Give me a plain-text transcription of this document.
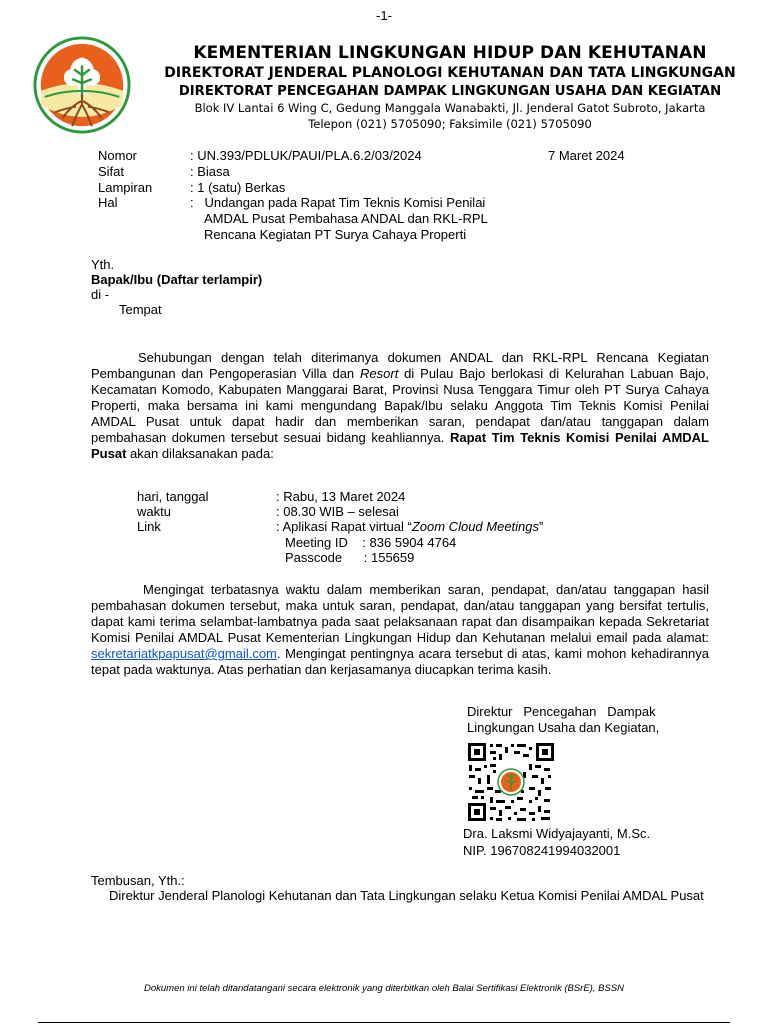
-1-
KEMENTERIAN LINGKUNGAN HIDUP DAN KEHUTANAN
DIREKTORAT JENDERAL PLANOLOGI KEHUTANAN DAN TATA LINGKUNGAN
DIREKTORAT PENCEGAHAN DAMPAK LINGKUNGAN USAHA DAN KEGIATAN
Blok IV Lantai 6 Wing C, Gedung Manggala Wanabakti, Jl. Jenderal Gatot Subroto, Jakarta
Telepon (021) 5705090; Faksimile (021) 5705090
Nomor	: UN.393/PDLUK/PAUI/PLA.6.2/03/2024	7 Maret 2024
Sifat	: Biasa
Lampiran	: 1 (satu) Berkas
Hal	:   Undangan pada Rapat Tim Teknis Komisi Penilai
AMDAL Pusat Pembahasa ANDAL dan RKL-RPL
Rencana Kegiatan PT Surya Cahaya Properti
Yth.
Bapak/Ibu (Daftar terlampir)
di -
Tempat

Sehubungan dengan telah diterimanya dokumen ANDAL dan RKL-RPL Rencana Kegiatan Pembangunan dan Pengoperasian Villa dan Resort di Pulau Bajo berlokasi di Kelurahan Labuan Bajo, Kecamatan Komodo, Kabupaten Manggarai Barat, Provinsi Nusa Tenggara Timur oleh PT Surya Cahaya Properti, maka bersama ini kami mengundang Bapak/Ibu selaku Anggota Tim Teknis Komisi Penilai AMDAL Pusat untuk dapat hadir dan memberikan saran, pendapat dan/atau tanggapan dalam pembahasan dokumen tersebut sesuai bidang keahliannya. Rapat Tim Teknis Komisi Penilai AMDAL Pusat akan dilaksanakan pada:

hari, tanggal	: Rabu, 13 Maret 2024
waktu	: 08.30 WIB – selesai
Link	: Aplikasi Rapat virtual “Zoom Cloud Meetings”
Meeting ID    : 836 5904 4764
Passcode      : 155659

Mengingat terbatasnya waktu dalam memberikan saran, pendapat, dan/atau tanggapan hasil pembahasan dokumen tersebut, maka untuk saran, pendapat, dan/atau tanggapan yang bersifat tertulis, dapat kami terima selambat-lambatnya pada saat pelaksanaan rapat dan disampaikan kepada Sekretariat Komisi Penilai AMDAL Pusat Kementerian Lingkungan Hidup dan Kehutanan melalui email pada alamat: sekretariatkpapusat@gmail.com. Mengingat pentingnya acara tersebut di atas, kami mohon kehadirannya tepat pada waktunya. Atas perhatian dan kerjasamanya diucapkan terima kasih.

Direktur   Pencegahan   Dampak
Lingkungan Usaha dan Kegiatan,
Dra. Laksmi Widyajayanti, M.Sc.
NIP. 196708241994032001
Tembusan, Yth.:

Direktur Jenderal Planologi Kehutanan dan Tata Lingkungan selaku Ketua Komisi Penilai AMDAL Pusat

Dokumen ini telah ditandatangani secara elektronik yang diterbitkan oleh Balai Sertifikasi Elektronik (BSrE), BSSN
